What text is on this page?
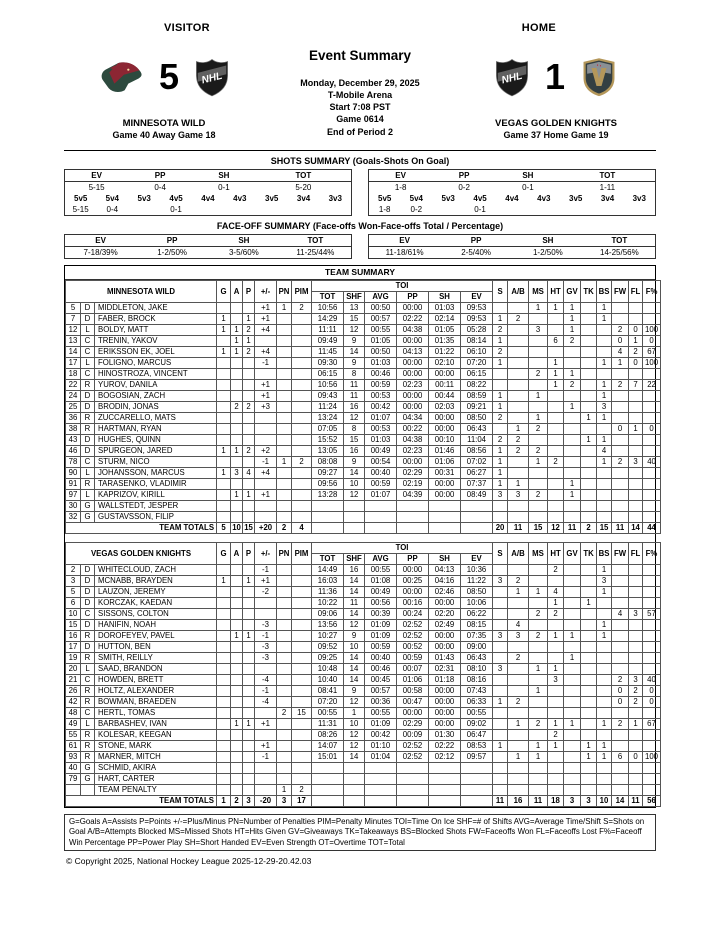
VISITOR	HOME
5 NHL
MINNESOTA WILD
Game 40 Away Game 18
Event Summary
Monday, December 29, 2025
T-Mobile Arena
Start 7:08 PST
Game 0614
End of Period 2
NHL 1
VEGAS GOLDEN KNIGHTS
Game 37 Home Game 19
SHOTS SUMMARY (Goals-Shots On Goal)
EV		PP		SH		TOT		
5-15		0-4		0-1		5-20		
5v5	5v4	5v3	4v5	4v4	4v3	3v5	3v4	3v3
5-15	0-4		0-1					
EV		PP		SH		TOT		
1-8		0-2		0-1		1-11		
5v5	5v4	5v3	4v5	4v4	4v3	3v5	3v4	3v3
1-8	0-2		0-1					
FACE-OFF SUMMARY (Face-offs Won-Face-offs Total / Percentage)
EV	PP	SH	TOT
7-18/39%	1-2/50%	3-5/60%	11-25/44%
EV	PP	SH	TOT
11-18/61%	2-5/40%	1-2/50%	14-25/56%
TEAM SUMMARY
MINNESOTA WILD			G	A	P	+/-	PN	PIM	TOI						S	A/B	MS	HT	GV	TK	BS	FW	FL	F%
									TOT	SHF	AVG	PP	SH	EV										
5	D	MIDDLETON, JAKE				+1	1	2	10:56	13	00:50	00:00	01:03	09:53			1	1	1		1			
7	D	FABER, BROCK	1		1	+1			14:29	15	00:57	02:22	02:14	09:53	1	2			1		1			
12	L	BOLDY, MATT	1	1	2	+4			11:11	12	00:55	04:38	01:05	05:28	2		3		1			2	0	100
13	C	TRENIN, YAKOV		1	1				09:49	9	01:05	00:00	01:35	08:14	1			6	2			0	1	0
14	C	ERIKSSON EK, JOEL	1	1	2	+4			11:45	14	00:50	04:13	01:22	06:10	2							4	2	67
17	L	FOLIGNO, MARCUS				-1			09:30	9	01:03	00:00	02:10	07:20	1			1			1	1	0	100
18	C	HINOSTROZA, VINCENT							06:15	8	00:46	00:00	00:00	06:15			2	1	1					
22	R	YUROV, DANILA				+1			10:56	11	00:59	02:23	00:11	08:22				1	2		1	2	7	22
24	D	BOGOSIAN, ZACH				+1			09:43	11	00:53	00:00	00:44	08:59	1		1				1			
25	D	BRODIN, JONAS		2	2	+3			11:24	16	00:42	00:00	02:03	09:21	1				1		3			
36	R	ZUCCARELLO, MATS							13:24	12	01:07	04:34	00:00	08:50	2		1			1	1			
38	R	HARTMAN, RYAN							07:05	8	00:53	00:22	00:00	06:43		1	2					0	1	0
43	D	HUGHES, QUINN							15:52	15	01:03	04:38	00:10	11:04	2	2				1	1			
46	D	SPURGEON, JARED	1	1	2	+2			13:05	16	00:49	02:23	01:46	08:56	1	2	2				4			
78	C	STURM, NICO				-1	1	2	08:08	9	00:54	00:00	01:06	07:02	1		1	2			1	2	3	40
90	L	JOHANSSON, MARCUS	1	3	4	+4			09:27	14	00:40	02:29	00:31	06:27	1									
91	R	TARASENKO, VLADIMIR							09:56	10	00:59	02:19	00:00	07:37	1	1			1					
97	L	KAPRIZOV, KIRILL		1	1	+1			13:28	12	01:07	04:39	00:00	08:49	3	3	2		1					
30	G	WALLSTEDT, JESPER																						
32	G	GUSTAVSSON, FILIP																						
TEAM TOTALS			5	10	15	+20	2	4							20	11	15	12	11	2	15	11	14	44
VEGAS GOLDEN KNIGHTS			G	A	P	+/-	PN	PIM	TOI						S	A/B	MS	HT	GV	TK	BS	FW	FL	F%
									TOT	SHF	AVG	PP	SH	EV										
2	D	WHITECLOUD, ZACH				-1			14:49	16	00:55	00:00	04:13	10:36				2			1			
3	D	MCNABB, BRAYDEN	1		1	+1			16:03	14	01:08	00:25	04:16	11:22	3	2					3			
5	D	LAUZON, JEREMY				-2			11:36	14	00:49	00:00	02:46	08:50		1	1	4			1			
6	D	KORCZAK, KAEDAN							10:22	11	00:56	00:16	00:00	10:06				1		1				
10	C	SISSONS, COLTON							09:06	14	00:39	00:24	02:20	06:22			2	2				4	3	57
15	D	HANIFIN, NOAH				-3			13:56	12	01:09	02:52	02:49	08:15		4					1			
16	R	DOROFEYEV, PAVEL		1	1	-1			10:27	9	01:09	02:52	00:00	07:35	3	3	2	1	1		1			
17	D	HUTTON, BEN				-3			09:52	10	00:59	00:52	00:00	09:00										
19	R	SMITH, REILLY				-3			09:25	14	00:40	00:59	01:43	06:43		2			1					
20	L	SAAD, BRANDON							10:48	14	00:46	00:07	02:31	08:10	3		1	1						
21	C	HOWDEN, BRETT				-4			10:40	14	00:45	01:06	01:18	08:16				3				2	3	40
26	R	HOLTZ, ALEXANDER				-1			08:41	9	00:57	00:58	00:00	07:43			1					0	2	0
42	R	BOWMAN, BRAEDEN				-4			07:20	12	00:36	00:47	00:00	06:33	1	2						0	2	0
48	C	HERTL, TOMAS					2	15	00:55	1	00:55	00:00	00:00	00:55										
49	L	BARBASHEV, IVAN		1	1	+1			11:31	10	01:09	02:29	00:00	09:02		1	2	1	1		1	2	1	67
55	R	KOLESAR, KEEGAN							08:26	12	00:42	00:09	01:30	06:47				2						
61	R	STONE, MARK				+1			14:07	12	01:10	02:52	02:22	08:53	1		1	1		1	1			
93	R	MARNER, MITCH				-1			15:01	14	01:04	02:52	02:12	09:57		1	1			1	1	6	0	100
40	G	SCHMID, AKIRA																						
79	G	HART, CARTER																						
		TEAM PENALTY					1	2																
TEAM TOTALS			1	2	3	-20	3	17							11	16	11	18	3	3	10	14	11	56
G=Goals A=Assists P=Points +/-=Plus/Minus PN=Number of Penalties PIM=Penalty Minutes TOI=Time On Ice SHF=# of Shifts AVG=Average Time/Shift S=Shots on Goal A/B=Attempts Blocked MS=Missed Shots HT=Hits Given GV=Giveaways TK=Takeaways BS=Blocked Shots FW=Faceoffs Won FL=Faceoffs Lost F%=Faceoff Win Percentage PP=Power Play SH=Short Handed EV=Even Strength OT=Overtime TOT=Total
© Copyright 2025, National Hockey League 2025-12-29-20.42.03
